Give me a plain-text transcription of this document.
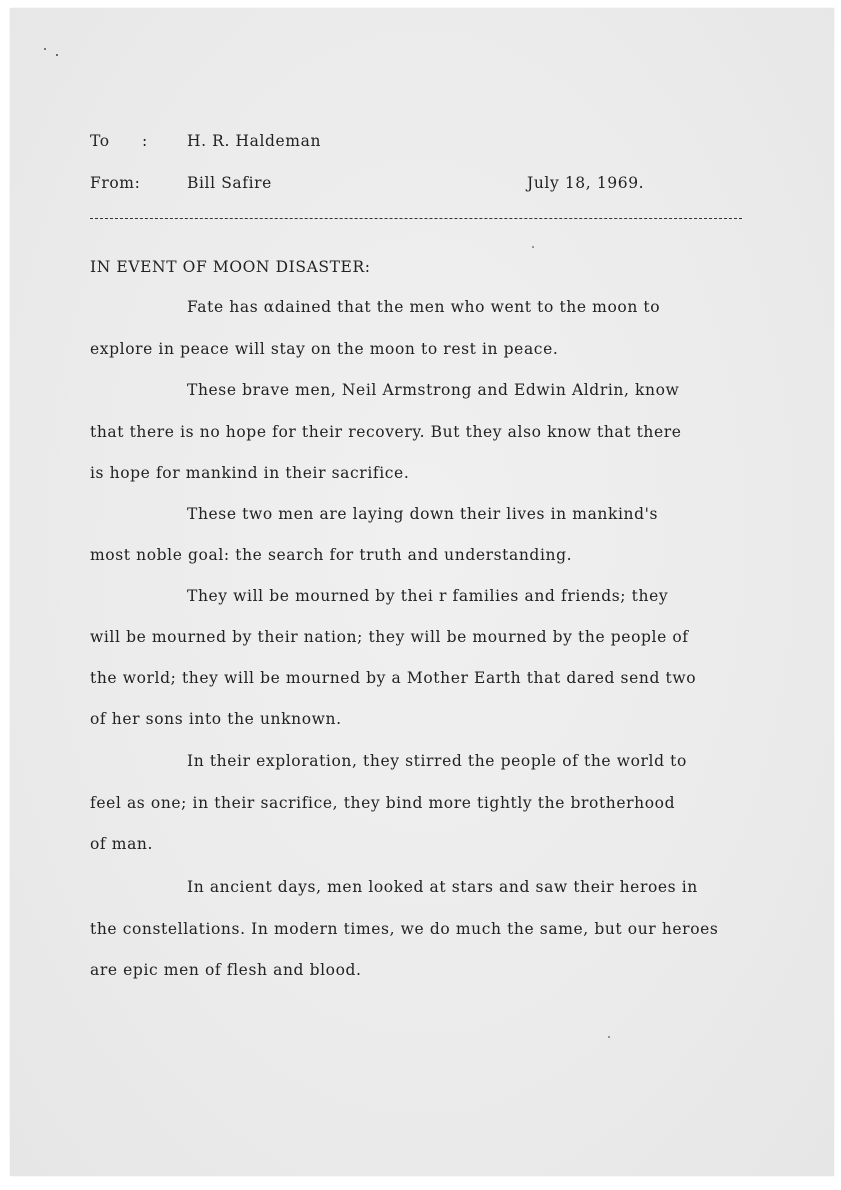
To :	H. R. Haldeman
From:	Bill Safire	July 18, 1969.
IN EVENT OF MOON DISASTER:
Fate has αdained that the men who went to the moon to
explore in peace will stay on the moon to rest in peace.
These brave men, Neil Armstrong and Edwin Aldrin, know
that there is no hope for their recovery. But they also know that there
is hope for mankind in their sacrifice.
These two men are laying down their lives in mankind's
most noble goal: the search for truth and understanding.
They will be mourned by thei r families and friends; they
will be mourned by their nation; they will be mourned by the people of
the world; they will be mourned by a Mother Earth that dared send two
of her sons into the unknown.
In their exploration, they stirred the people of the world to
feel as one; in their sacrifice, they bind more tightly the brotherhood
of man.
In ancient days, men looked at stars and saw their heroes in
the constellations. In modern times, we do much the same, but our heroes
are epic men of flesh and blood.
